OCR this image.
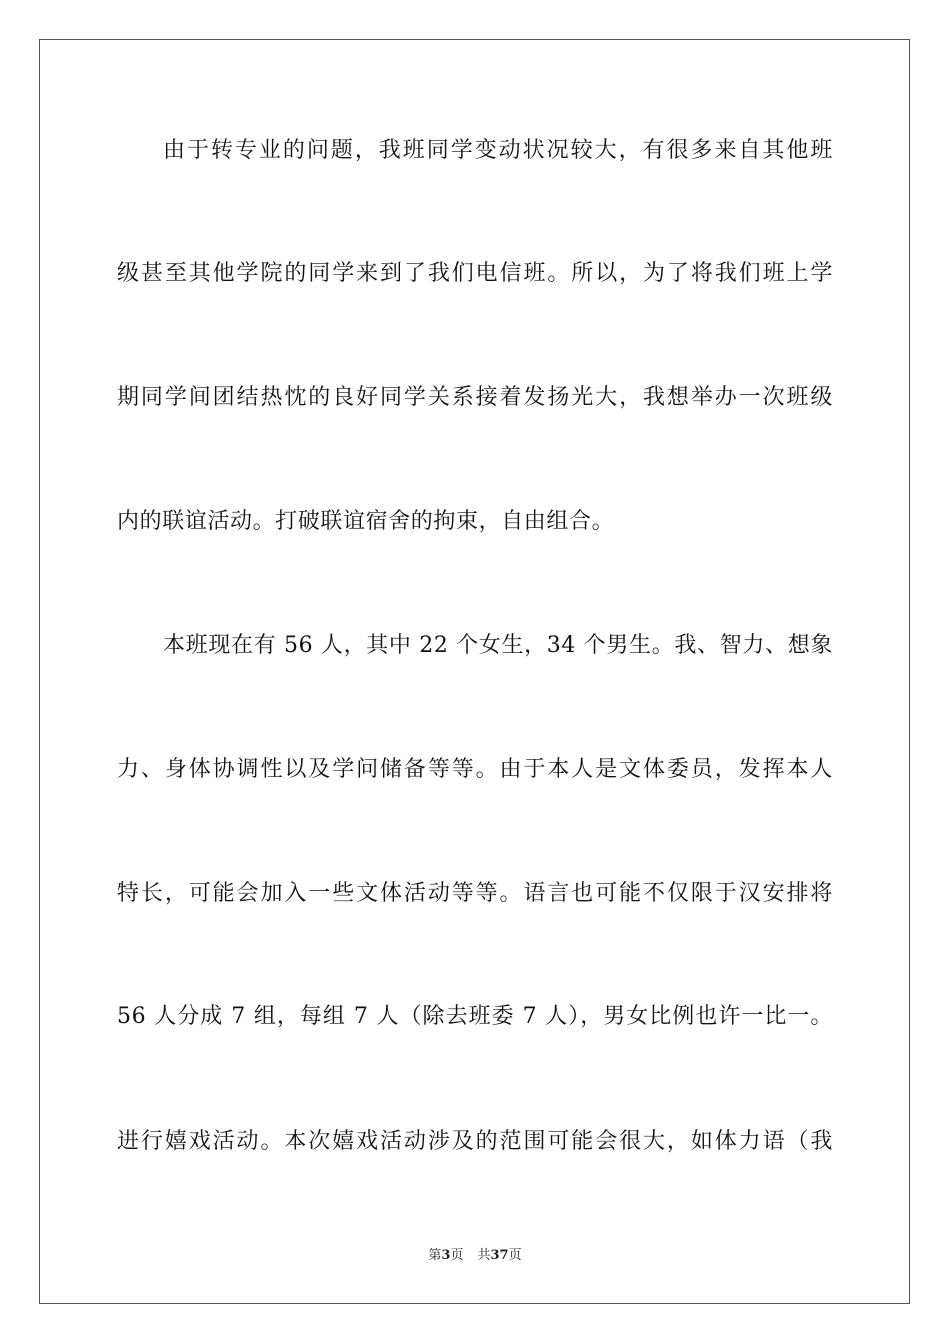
由于转专业的问题，我班同学变动状况较大，有很多来自其他班
级甚至其他学院的同学来到了我们电信班。所以，为了将我们班上学
期同学间团结热忱的良好同学关系接着发扬光大，我想举办一次班级
内的联谊活动。打破联谊宿舍的拘束，自由组合。
本班现在有 56 人，其中 22 个女生，34 个男生。我、智力、想象
力、身体协调性以及学问储备等等。由于本人是文体委员，发挥本人
特长，可能会加入一些文体活动等等。语言也可能不仅限于汉安排将
56 人分成 7 组，每组 7 人（除去班委 7 人），男女比例也许一比一。
进行嬉戏活动。本次嬉戏活动涉及的范围可能会很大，如体力语（我
第3页 共37页
